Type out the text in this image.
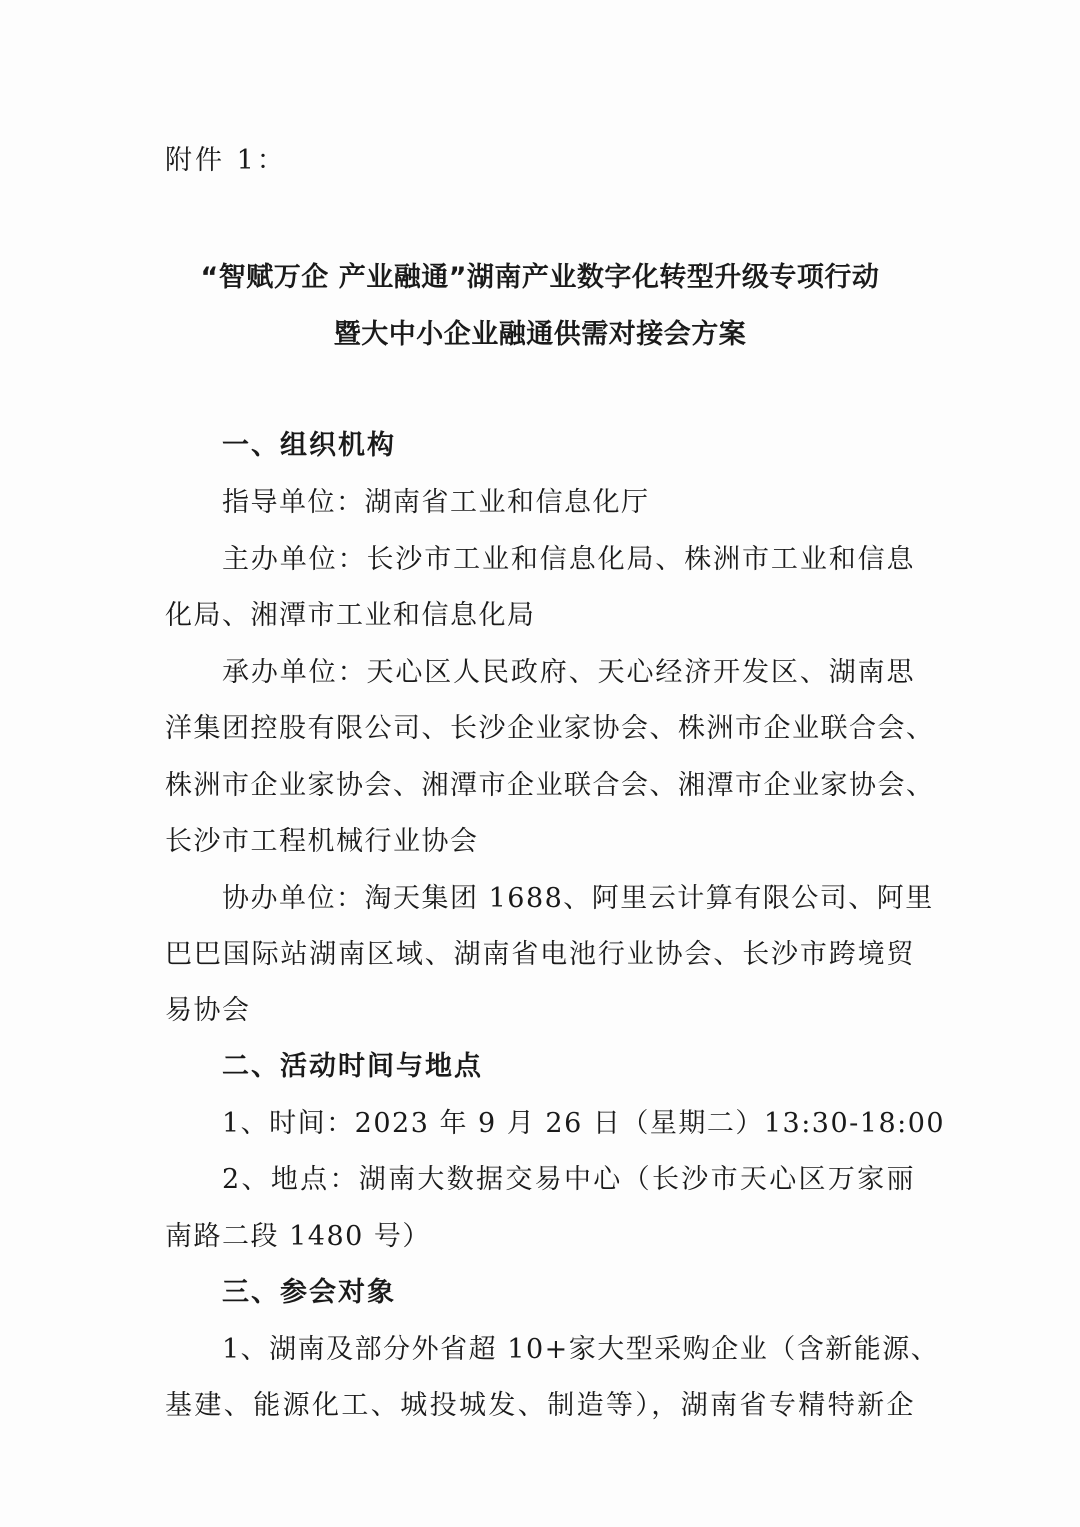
附件 1：

“智赋万企 产业融通”湖南产业数字化转型升级专项行动
暨大中小企业融通供需对接会方案

一、组织机构

指导单位：湖南省工业和信息化厅

主办单位：长沙市工业和信息化局、株洲市工业和信息

化局、湘潭市工业和信息化局

承办单位：天心区人民政府、天心经济开发区、湖南思

洋集团控股有限公司、长沙企业家协会、株洲市企业联合会、

株洲市企业家协会、湘潭市企业联合会、湘潭市企业家协会、

长沙市工程机械行业协会

协办单位：淘天集团 1688、阿里云计算有限公司、阿里

巴巴国际站湖南区域、湖南省电池行业协会、长沙市跨境贸

易协会

二、活动时间与地点

1、时间：2023 年 9 月 26 日（星期二）13:30-18:00

2、地点：湖南大数据交易中心（长沙市天心区万家丽

南路二段 1480 号）

三、参会对象

1、湖南及部分外省超 10+家大型采购企业（含新能源、

基建、能源化工、城投城发、制造等），湖南省专精特新企
